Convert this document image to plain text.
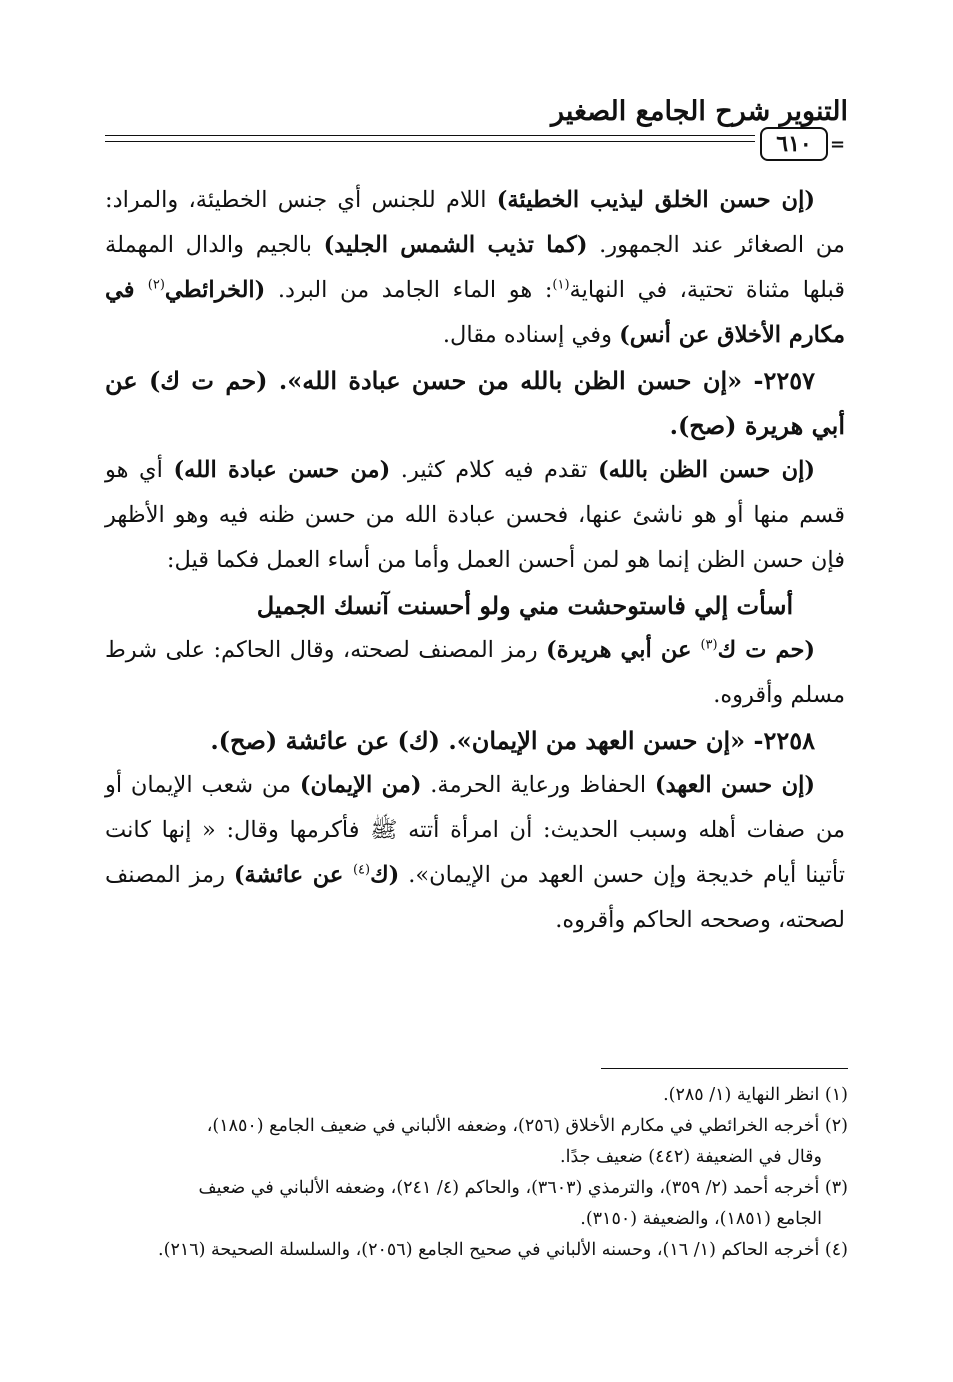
التنوير شرح الجامع الصغير
٦١٠	=

(إن حسن الخلق ليذيب الخطيئة) اللام للجنس أي جنس الخطيئة، والمراد: من الصغائر عند الجمهور. (كما تذيب الشمس الجليد) بالجيم والدال المهملة قبلها مثناة تحتية، في النهاية$^{(١)}$: هو الماء الجامد من البرد. (الخرائطي$^{(٢)}$ في مكارم الأخلاق عن أنس) وفي إسناده مقال.

٢٢٥٧- «إن حسن الظن بالله من حسن عبادة الله». (حم ت ك) عن أبي هريرة (صح).

(إن حسن الظن بالله) تقدم فيه كلام كثير. (من حسن عبادة الله) أي هو قسم منها أو هو ناشئ عنها، فحسن عبادة الله من حسن ظنه فيه وهو الأظهر فإن حسن الظن إنما هو لمن أحسن العمل وأما من أساء العمل فكما قيل:

أسأت إلي فاستوحشت مني ولو أحسنت آنسك الجميل

(حم ت ك$^{(٣)}$ عن أبي هريرة) رمز المصنف لصحته، وقال الحاكم: على شرط مسلم وأقروه.

٢٢٥٨- «إن حسن العهد من الإيمان». (ك) عن عائشة (صح).

(إن حسن العهد) الحفاظ ورعاية الحرمة. (من الإيمان) من شعب الإيمان أو من صفات أهله وسبب الحديث: أن امرأة أتته ﷺ فأكرمها وقال: « إنها كانت تأتينا أيام خديجة وإن حسن العهد من الإيمان». (ك$^{(٤)}$ عن عائشة) رمز المصنف لصحته، وصححه الحاكم وأقروه.

(١) انظر النهاية (١/ ٢٨٥).

(٢) أخرجه الخرائطي في مكارم الأخلاق (٢٥٦)، وضعفه الألباني في ضعيف الجامع (١٨٥٠)،

وقال في الضعيفة (٤٤٢) ضعيف جدًا.

(٣) أخرجه أحمد (٢/ ٣٥٩)، والترمذي (٣٦٠٣)، والحاكم (٤/ ٢٤١)، وضعفه الألباني في ضعيف

الجامع (١٨٥١)، والضعيفة (٣١٥٠).

(٤) أخرجه الحاكم (١/ ١٦)، وحسنه الألباني في صحيح الجامع (٢٠٥٦)، والسلسلة الصحيحة (٢١٦).
